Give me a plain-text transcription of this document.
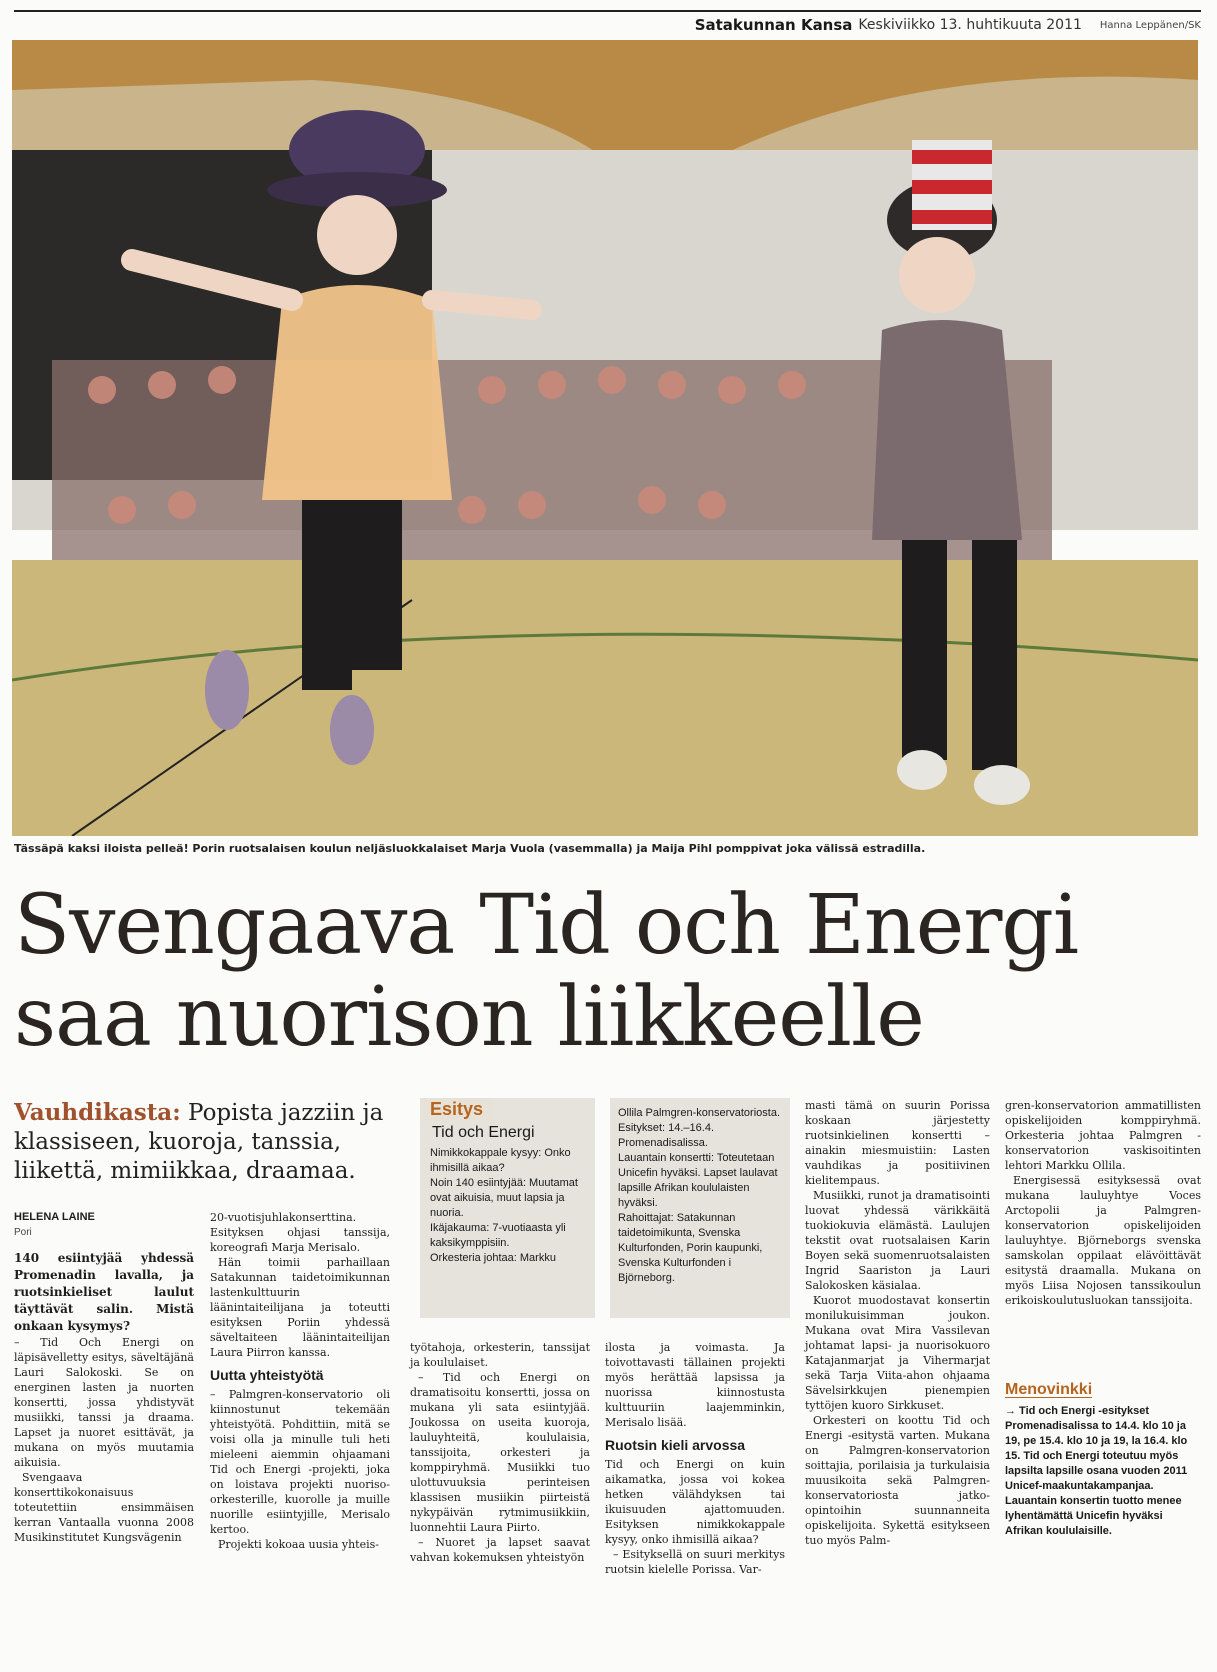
Satakunnan Kansa Keskiviikko 13. huhtikuuta 2011 Hanna Leppänen/SK
Tässäpä kaksi iloista pelleä! Porin ruotsalaisen koulun neljäsluokkalaiset Marja Vuola (vasemmalla) ja Maija Pihl pomppivat joka välissä estradilla.
Svengaava Tid och Energi
saa nuorison liikkeelle
Vauhdikasta: Popista jazziin ja klassiseen, kuoroja, tanssia, liikettä, mimiikkaa, draamaa.
HELENA LAINE
Pori

140 esiintyjää yhdessä Promenadin lavalla, ja ruotsinkieliset laulut täyttävät salin. Mistä onkaan kysymys?

– Tid Och Energi on läpisävelletty esitys, säveltäjänä Lauri Salokoski. Se on energinen lasten ja nuorten konsertti, jossa yhdistyvät musiikki, tanssi ja draama. Lapset ja nuoret esittävät, ja mukana on myös muutamia aikuisia.

Svengaava konserttikokonaisuus toteutettiin ensimmäisen kerran Vantaalla vuonna 2008 Musikinstitutet Kungsvägenin

20-vuotisjuhlakonserttina. Esityksen ohjasi tanssija, koreografi Marja Merisalo.

Hän toimii parhaillaan Satakunnan taidetoimikunnan lastenkulttuurin läänintaiteilijana ja toteutti esityksen Poriin yhdessä säveltaiteen läänintaiteilijan Laura Piirron kanssa.

Uutta yhteistyötä

– Palmgren-konservatorio oli kiinnostunut tekemään yhteistyötä. Pohdittiin, mitä se voisi olla ja minulle tuli heti mieleeni aiemmin ohjaamani Tid och Energi -projekti, joka on loistava projekti nuoriso-orkesterille, kuorolle ja muille nuorille esiintyjille, Merisalo kertoo.

Projekti kokoaa uusia yhteis-

Esitys
Tid och Energi
Nimikkokappale kysyy: Onko ihmisillä aikaa?
Noin 140 esiintyjää: Muutamat ovat aikuisia, muut lapsia ja nuoria.
Ikäjakauma: 7-vuotiaasta yli kaksikymppisiin.
Orkesteria johtaa: Markku
Ollila Palmgren-konservatoriosta.
Esitykset: 14.–16.4. Promenadisalissa.
Lauantain konsertti: Toteutetaan Unicefin hyväksi. Lapset laulavat lapsille Afrikan koululaisten hyväksi.
Rahoittajat: Satakunnan taidetoimikunta, Svenska Kulturfonden, Porin kaupunki, Svenska Kulturfonden i Björneborg.

työtahoja, orkesterin, tanssijat ja koululaiset.

– Tid och Energi on dramatisoitu konsertti, jossa on mukana yli sata esiintyjää. Joukossa on useita kuoroja, lauluyhteitä, koululaisia, tanssijoita, orkesteri ja komppiryhmä. Musiikki tuo ulottuvuuksia perinteisen klassisen musiikin piirteistä nykypäivän rytmimusiikkiin, luonnehtii Laura Piirto.

– Nuoret ja lapset saavat vahvan kokemuksen yhteistyön

ilosta ja voimasta. Ja toivottavasti tällainen projekti myös herättää lapsissa ja nuorissa kiinnostusta kulttuuriin laajemminkin, Merisalo lisää.

Ruotsin kieli arvossa

Tid och Energi on kuin aikamatka, jossa voi kokea hetken välähdyksen tai ikuisuuden ajattomuuden. Esityksen nimikkokappale kysyy, onko ihmisillä aikaa?

– Esityksellä on suuri merkitys ruotsin kielelle Porissa. Var-

masti tämä on suurin Porissa koskaan järjestetty ruotsinkielinen konsertti – ainakin miesmuistiin: Lasten vauhdikas ja positiivinen kielitempaus.

Musiikki, runot ja dramatisointi luovat yhdessä värikkäitä tuokiokuvia elämästä. Laulujen tekstit ovat ruotsalaisen Karin Boyen sekä suomenruotsalaisten Ingrid Saariston ja Lauri Salokosken käsialaa.

Kuorot muodostavat konsertin monilukuisimman joukon. Mukana ovat Mira Vassilevan johtamat lapsi- ja nuorisokuoro Katajanmarjat ja Vihermarjat sekä Tarja Viita-ahon ohjaama Sävelsirkkujen pienempien tyttöjen kuoro Sirkkuset.

Orkesteri on koottu Tid och Energi -esitystä varten. Mukana on Palmgren-konservatorion soittajia, porilaisia ja turkulaisia muusikoita sekä Palmgren-konservatoriosta jatko-opintoihin suunnanneita opiskelijoita. Sykettä esitykseen tuo myös Palm-

gren-konservatorion ammatillisten opiskelijoiden komppiryhmä. Orkesteria johtaa Palmgren -konservatorion vaskisoitinten lehtori Markku Ollila.

Energisessä esityksessä ovat mukana lauluyhtye Voces Arctopolii ja Palmgren-konservatorion opiskelijoiden lauluyhtye. Björneborgs svenska samskolan oppilaat elävöittävät esitystä draamalla. Mukana on myös Liisa Nojosen tanssikoulun erikoiskoulutusluokan tanssijoita.

Menovinkki
→ Tid och Energi -esitykset Promenadisalissa to 14.4. klo 10 ja 19, pe 15.4. klo 10 ja 19, la 16.4. klo 15. Tid och Energi toteutuu myös lapsilta lapsille osana vuoden 2011 Unicef-maakuntakampanjaa. Lauantain konsertin tuotto menee lyhentämättä Unicefin hyväksi Afrikan koululaisille.
